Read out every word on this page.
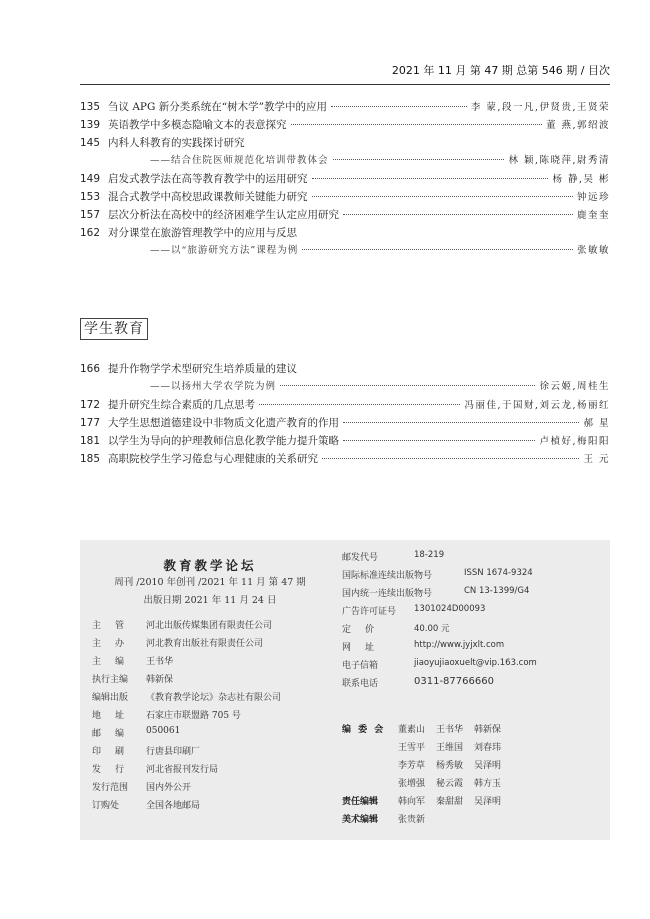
2021 年 11 月 第 47 期 总第 546 期 / 目次
135 刍议 APG 新分类系统在“树木学”教学中的应用	李 蒙,段一凡,伊贤贵,王贤荣
139 英语教学中多模态隐喻文本的表意探究	董 燕,郭绍波
145 内科人科教育的实践探讨研究
——结合住院医师规范化培训带教体会	林 颖,陈晓萍,尉秀清
149 启发式教学法在高等教育教学中的运用研究	杨 静,吴 彬
153 混合式教学中高校思政课教师关键能力研究	钟远珍
157 层次分析法在高校中的经济困难学生认定应用研究	鹿奎奎
162 对分课堂在旅游管理教学中的应用与反思
——以“旅游研究方法”课程为例	张敏敏
学生教育
166 提升作物学学术型研究生培养质量的建议
——以扬州大学农学院为例	徐云姬,周桂生
172 提升研究生综合素质的几点思考	冯丽佳,于国财,刘云龙,杨丽红
177 大学生思想道德建设中非物质文化遗产教育的作用	郝 星
181 以学生为导向的护理教师信息化教学能力提升策略	卢楨好,梅阳阳
185 高职院校学生学习倦怠与心理健康的关系研究	王 元
教育教学论坛
周刊 /2010 年创刊 /2021 年 11 月 第 47 期
出版日期 2021 年 11 月 24 日
主管 河北出版传媒集团有限责任公司
主办 河北教育出版社有限责任公司
主编 王书华
执行主编	韩新保
编辑出版	《教育教学论坛》杂志社有限公司
地址 石家庄市联盟路 705 号
邮编 050061
印刷 行唐县印刷厂
发行 河北省报刊发行局
发行范围	国内外公开
订购处	全国各地邮局
邮发代号	18-219
国际标准连续出版物号	ISSN 1674-9324
国内统一连续出版物号	CN 13-1399/G4
广告许可证号	1301024D00093
定价	40.00 元
网址	http://www.jyjxlt.com
电子信箱	jiaoyujiaoxuelt@vip.163.com
联系电话	0311-87766660
编 委 会 董素山 王书华 韩新保
王雪平 王维国 刘春玮
李芳草 杨秀敏 吴泽明
张增强 秘云霞 韩方玉
责任编辑 韩向军 秦甜甜 吴泽明
美术编辑 张贵新
